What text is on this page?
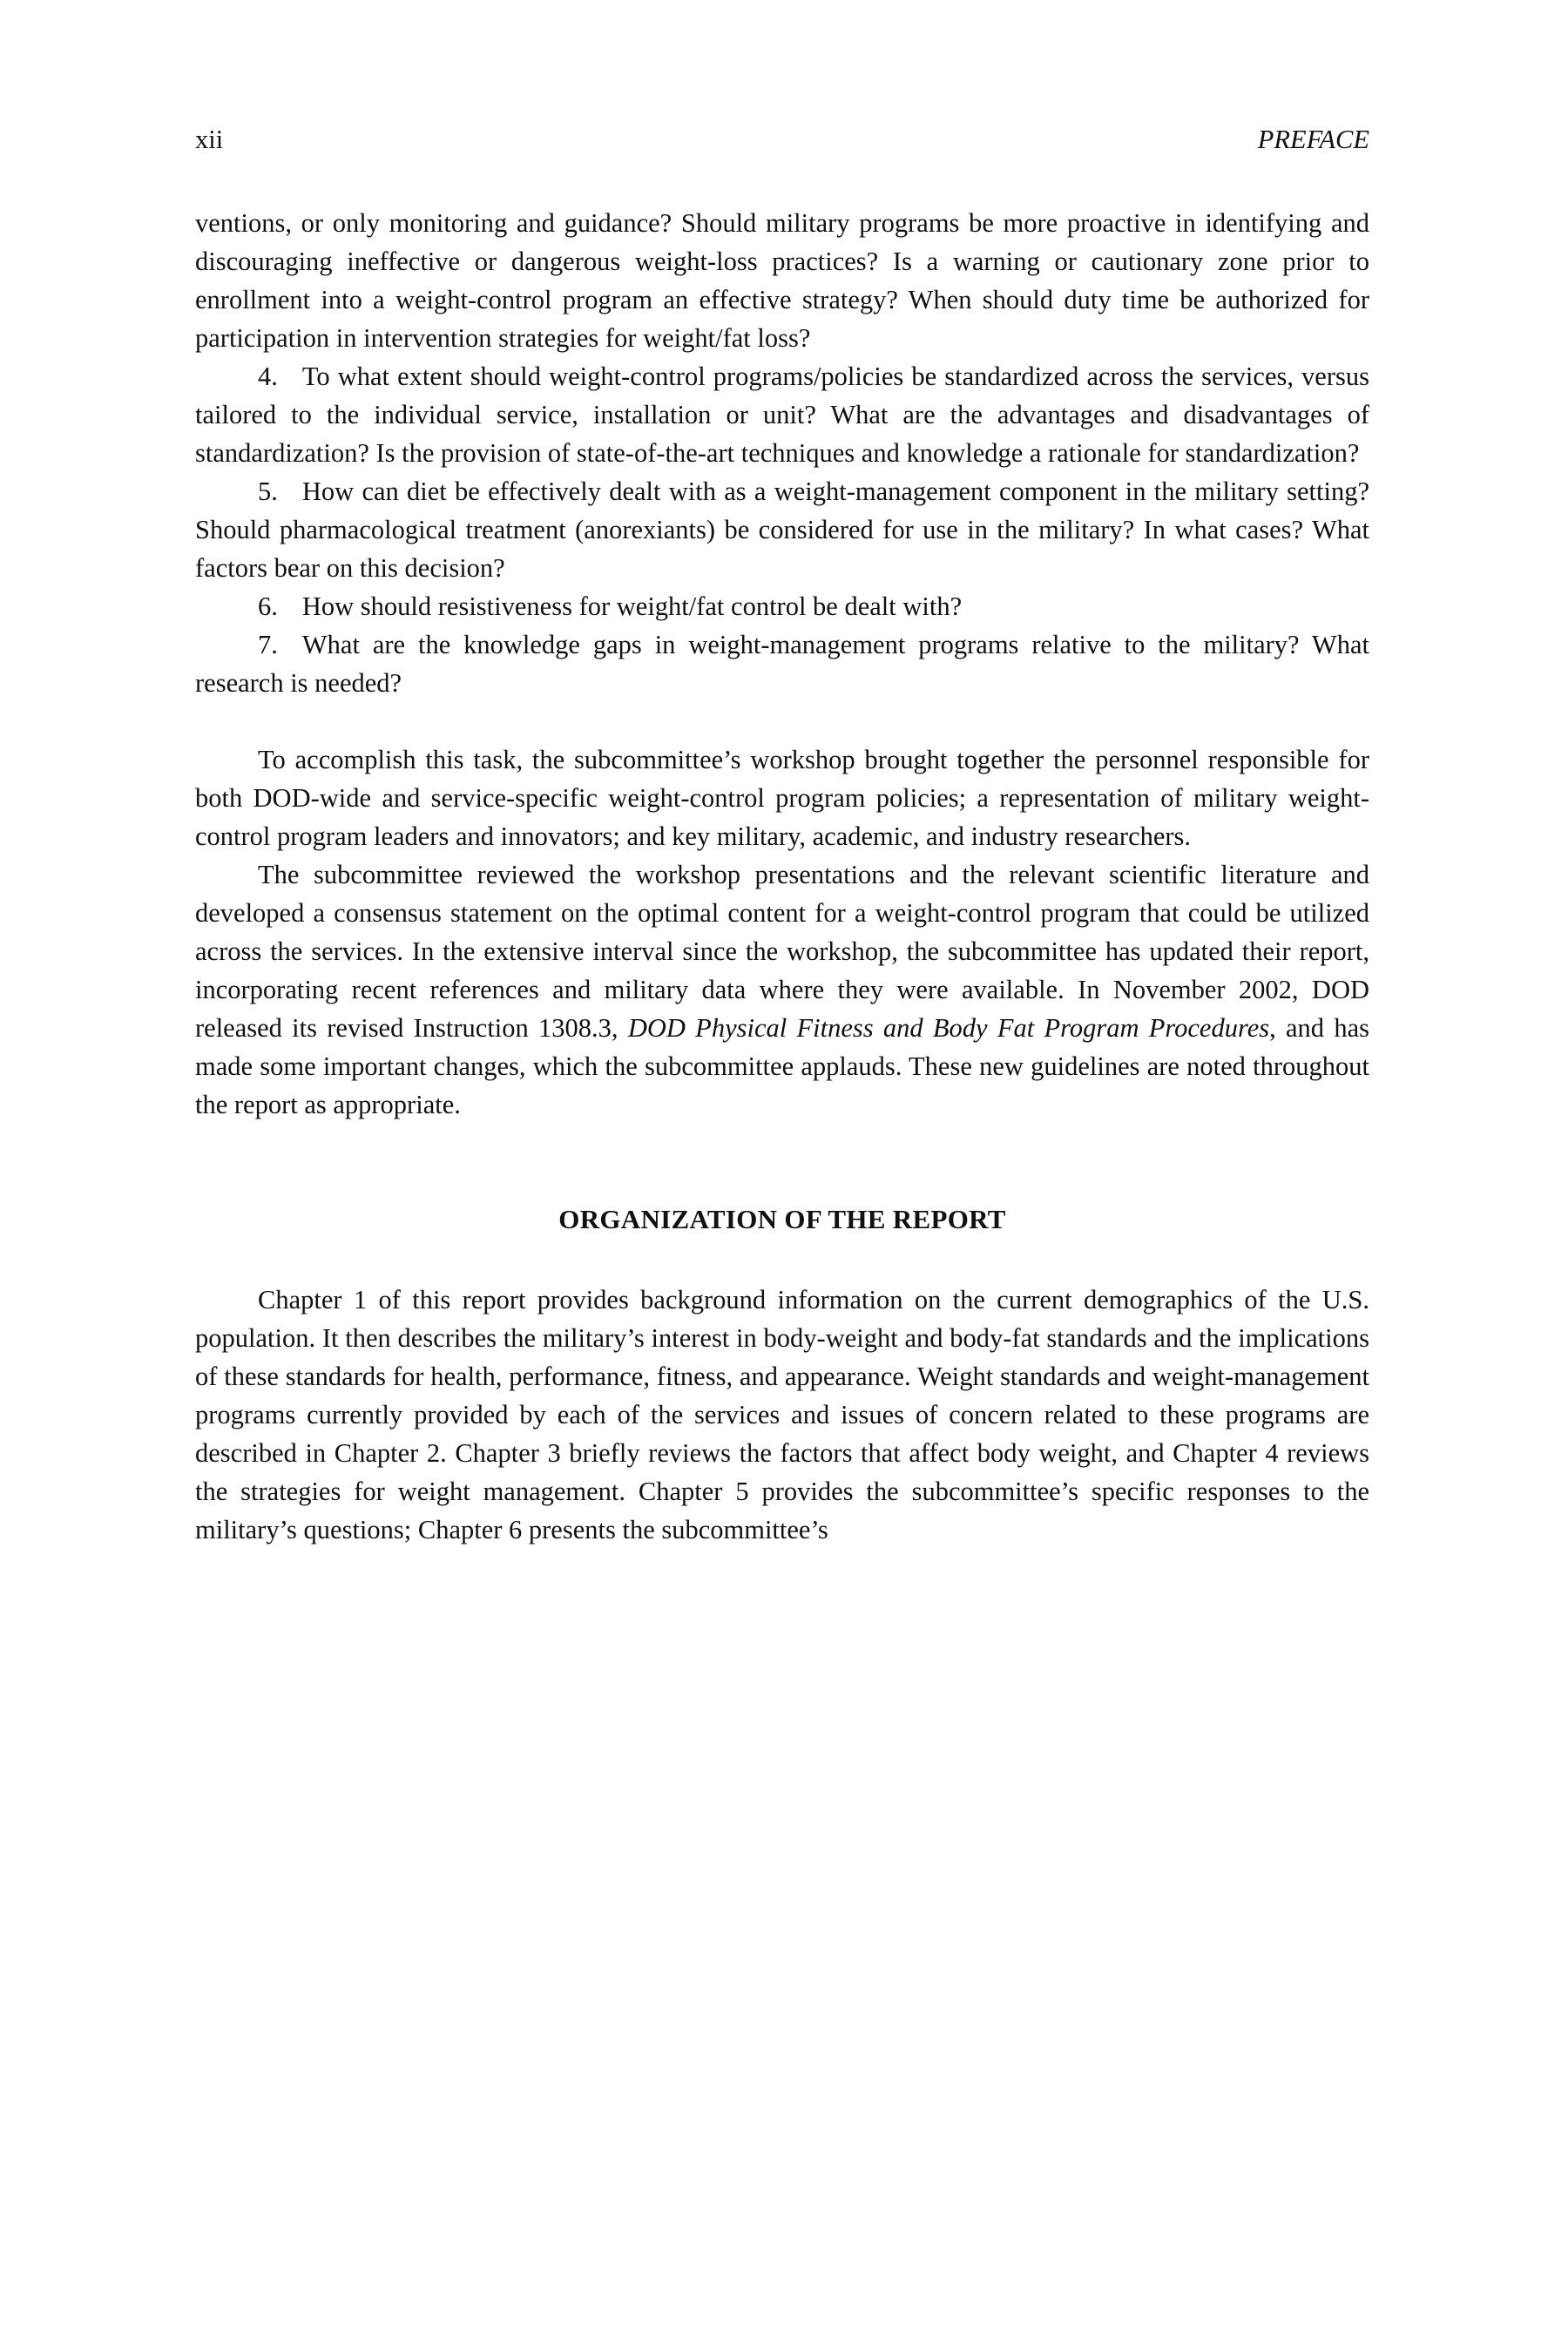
xii	PREFACE

ventions, or only monitoring and guidance? Should military programs be more proactive in identifying and discouraging ineffective or dangerous weight-loss practices? Is a warning or cautionary zone prior to enrollment into a weight-control program an effective strategy? When should duty time be authorized for participation in intervention strategies for weight/fat loss?

4. To what extent should weight-control programs/policies be standardized across the services, versus tailored to the individual service, installation or unit? What are the advantages and disadvantages of standardization? Is the provision of state-of-the-art techniques and knowledge a rationale for standardization?

5. How can diet be effectively dealt with as a weight-management component in the military setting? Should pharmacological treatment (anorexiants) be considered for use in the military? In what cases? What factors bear on this decision?

6. How should resistiveness for weight/fat control be dealt with?

7. What are the knowledge gaps in weight-management programs relative to the military? What research is needed?

To accomplish this task, the subcommittee’s workshop brought together the personnel responsible for both DOD-wide and service-specific weight-control program policies; a representation of military weight-control program leaders and innovators; and key military, academic, and industry researchers.

The subcommittee reviewed the workshop presentations and the relevant scientific literature and developed a consensus statement on the optimal content for a weight-control program that could be utilized across the services. In the extensive interval since the workshop, the subcommittee has updated their report, incorporating recent references and military data where they were available. In November 2002, DOD released its revised Instruction 1308.3, DOD Physical Fitness and Body Fat Program Procedures, and has made some important changes, which the subcommittee applauds. These new guidelines are noted throughout the report as appropriate.

ORGANIZATION OF THE REPORT

Chapter 1 of this report provides background information on the current demographics of the U.S. population. It then describes the military’s interest in body-weight and body-fat standards and the implications of these standards for health, performance, fitness, and appearance. Weight standards and weight-management programs currently provided by each of the services and issues of concern related to these programs are described in Chapter 2. Chapter 3 briefly reviews the factors that affect body weight, and Chapter 4 reviews the strategies for weight management. Chapter 5 provides the subcommittee’s specific responses to the military’s questions; Chapter 6 presents the subcommittee’s
